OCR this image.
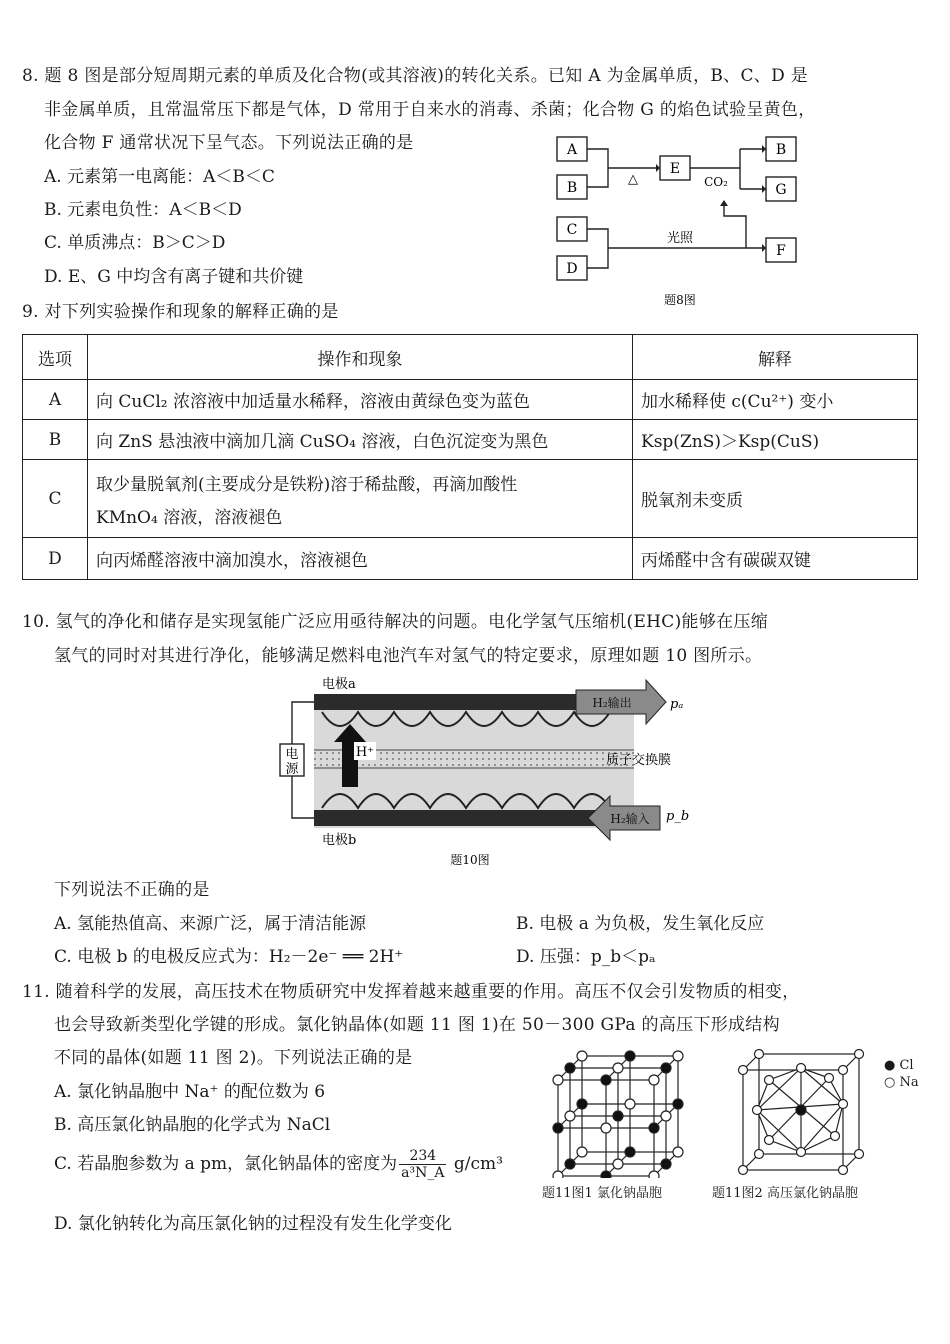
8. 题 8 图是部分短周期元素的单质及化合物(或其溶液)的转化关系。已知 A 为金属单质，B、C、D 是
非金属单质，且常温常压下都是气体，D 常用于自来水的消毒、杀菌；化合物 G 的焰色试验呈黄色，
化合物 F 通常状况下呈气态。下列说法正确的是
A. 元素第一电离能：A＜B＜C
B. 元素电负性：A＜B＜D
C. 单质沸点：B＞C＞D
D. E、G 中均含有离子键和共价键
A
B
C
D
E
B
G
F
△	CO₂
光照
题8图
9. 对下列实验操作和现象的解释正确的是
选项	操作和现象	解释
A	向 CuCl₂ 浓溶液中加适量水稀释，溶液由黄绿色变为蓝色	加水稀释使 c(Cu²⁺) 变小
B	向 ZnS 悬浊液中滴加几滴 CuSO₄ 溶液，白色沉淀变为黑色	Ksp(ZnS)＞Ksp(CuS)
C	取少量脱氧剂(主要成分是铁粉)溶于稀盐酸，再滴加酸性
KMnO₄ 溶液，溶液褪色	脱氧剂未变质
D	向丙烯醛溶液中滴加溴水，溶液褪色	丙烯醛中含有碳碳双键
10. 氢气的净化和储存是实现氢能广泛应用亟待解决的问题。电化学氢气压缩机(EHC)能够在压缩
氢气的同时对其进行净化，能够满足燃料电池汽车对氢气的特定要求，原理如题 10 图所示。
H₂输出
H₂输入
H⁺
电
源
电极a
电极b
pₐ
p_b
质子交换膜
题10图
下列说法不正确的是
A. 氢能热值高、来源广泛，属于清洁能源	B. 电极 a 为负极，发生氧化反应
C. 电极 b 的电极反应式为：H₂－2e⁻ ══ 2H⁺	D. 压强：p_b＜pₐ
11. 随着科学的发展，高压技术在物质研究中发挥着越来越重要的作用。高压不仅会引发物质的相变，
也会导致新类型化学键的形成。氯化钠晶体(如题 11 图 1)在 50－300 GPa 的高压下形成结构
不同的晶体(如题 11 图 2)。下列说法正确的是
A. 氯化钠晶胞中 Na⁺ 的配位数为 6
B. 高压氯化钠晶胞的化学式为 NaCl
C. 若晶胞参数为 a pm，氯化钠晶体的密度为 $\frac{234}{\text{a³N\_A}} g/cm^3$
D. 氯化钠转化为高压氯化钠的过程没有发生化学变化
● Cl
○ Na
题11图1 氯化钠晶胞	题11图2 高压氯化钠晶胞
